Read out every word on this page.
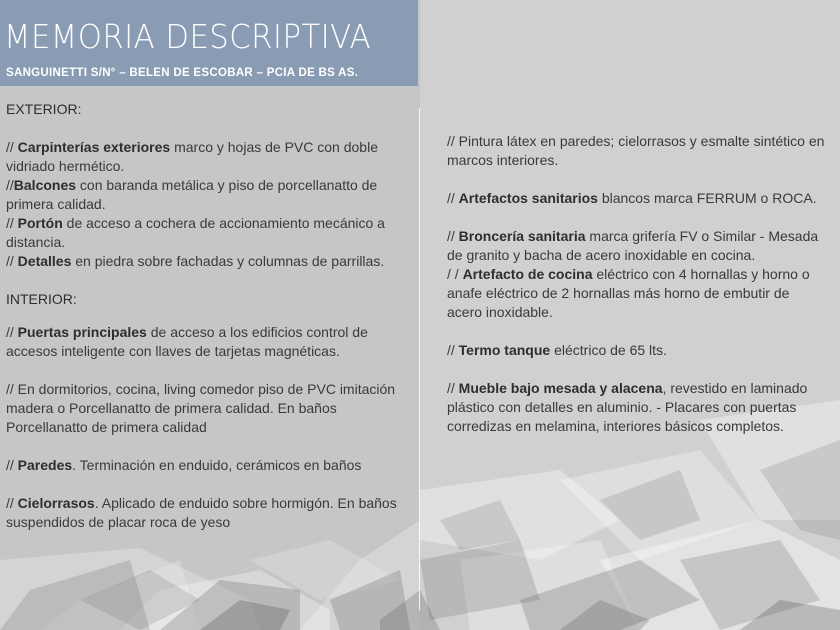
MEMORIA DESCRIPTIVA

SANGUINETTI S/N° – BELEN DE ESCOBAR – PCIA DE BS AS.

EXTERIOR:

// Carpinterías exteriores marco y hojas de PVC con doble vidriado hermético.

//Balcones con baranda metálica y piso de porcellanatto de primera calidad.

// Portón de acceso a cochera de accionamiento mecánico a distancia.

// Detalles en piedra sobre fachadas y columnas de parrillas.

INTERIOR:

// Puertas principales de acceso a los edificios control de accesos inteligente con llaves de tarjetas magnéticas.

// En dormitorios, cocina, living comedor piso de PVC imitación madera o Porcellanatto de primera calidad. En baños Porcellanatto de primera calidad

// Paredes. Terminación en enduido, cerámicos en baños

// Cielorrasos. Aplicado de enduido sobre hormigón. En baños suspendidos de placar roca de yeso

// Pintura látex en paredes; cielorrasos y esmalte sintético en marcos interiores.

// Artefactos sanitarios blancos marca FERRUM o ROCA.

// Broncería sanitaria marca grifería FV o Similar - Mesada de granito y bacha de acero inoxidable en cocina.

/ / Artefacto de cocina eléctrico con 4 hornallas y horno o anafe eléctrico de 2 hornallas más horno de embutir de acero inoxidable.

// Termo tanque eléctrico de 65 lts.

// Mueble bajo mesada y alacena, revestido en laminado plástico con detalles en aluminio. - Placares con puertas corredizas en melamina, interiores básicos completos.
